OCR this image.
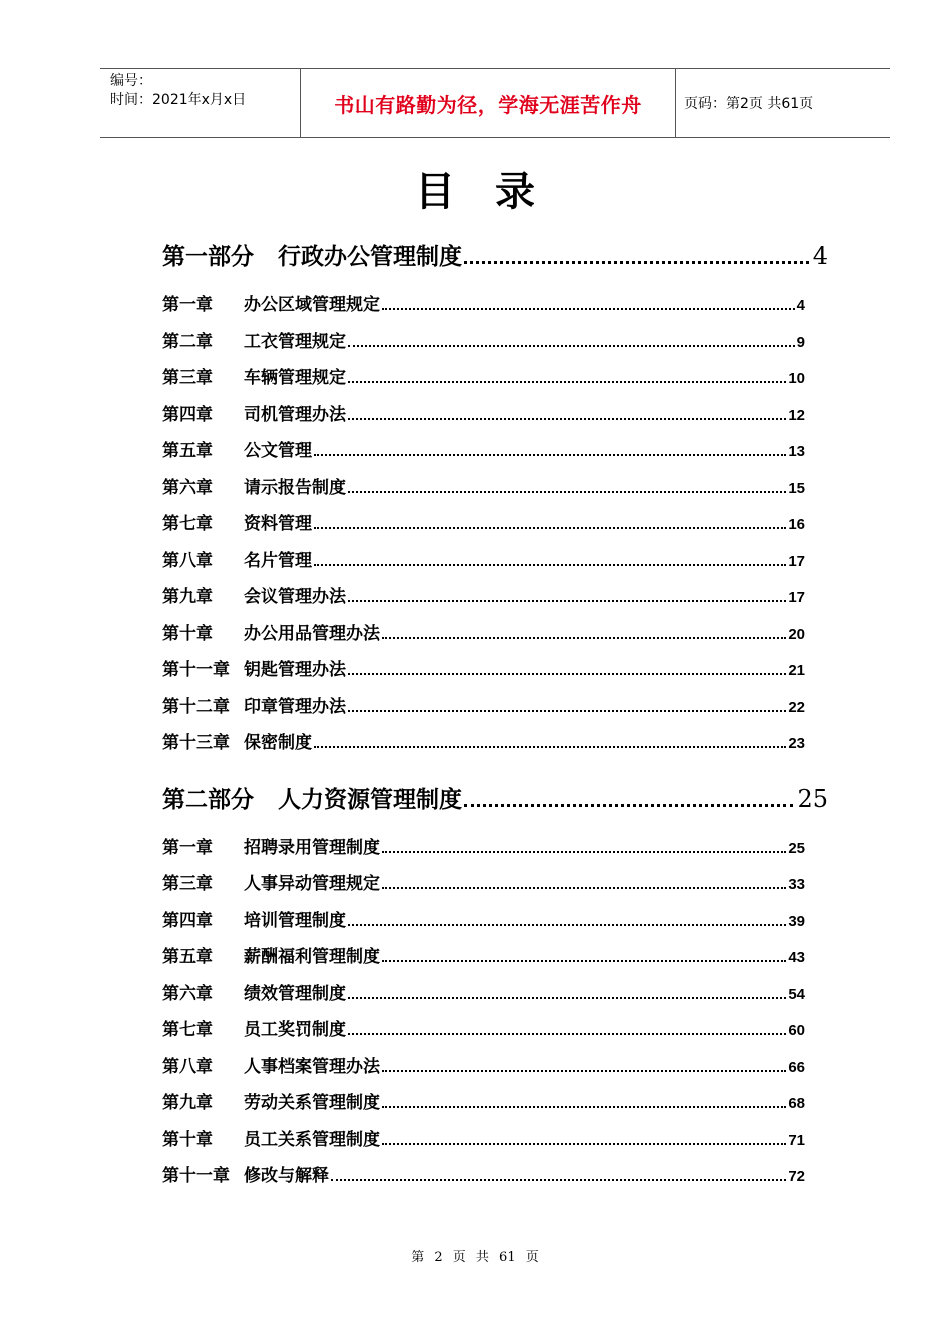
编号：
时间：2021年x月x日	书山有路勤为径，学海无涯苦作舟	页码：第2页 共61页
目录
第一部分 行政办公管理制度	4
第一章	办公区域管理规定	4
第二章	工衣管理规定	9
第三章	车辆管理规定	10
第四章	司机管理办法	12
第五章	公文管理	13
第六章	请示报告制度	15
第七章	资料管理	16
第八章	名片管理	17
第九章	会议管理办法	17
第十章	办公用品管理办法	20
第十一章 钥匙管理办法	21
第十二章 印章管理办法	22
第十三章 保密制度	23
第二部分 人力资源管理制度	25
第一章	招聘录用管理制度	25
第三章	人事异动管理规定	33
第四章	培训管理制度	39
第五章	薪酬福利管理制度	43
第六章	绩效管理制度	54
第七章	员工奖罚制度	60
第八章	人事档案管理办法	66
第九章	劳动关系管理制度	68
第十章	员工关系管理制度	71
第十一章 修改与解释	72
第 2 页 共 61 页
